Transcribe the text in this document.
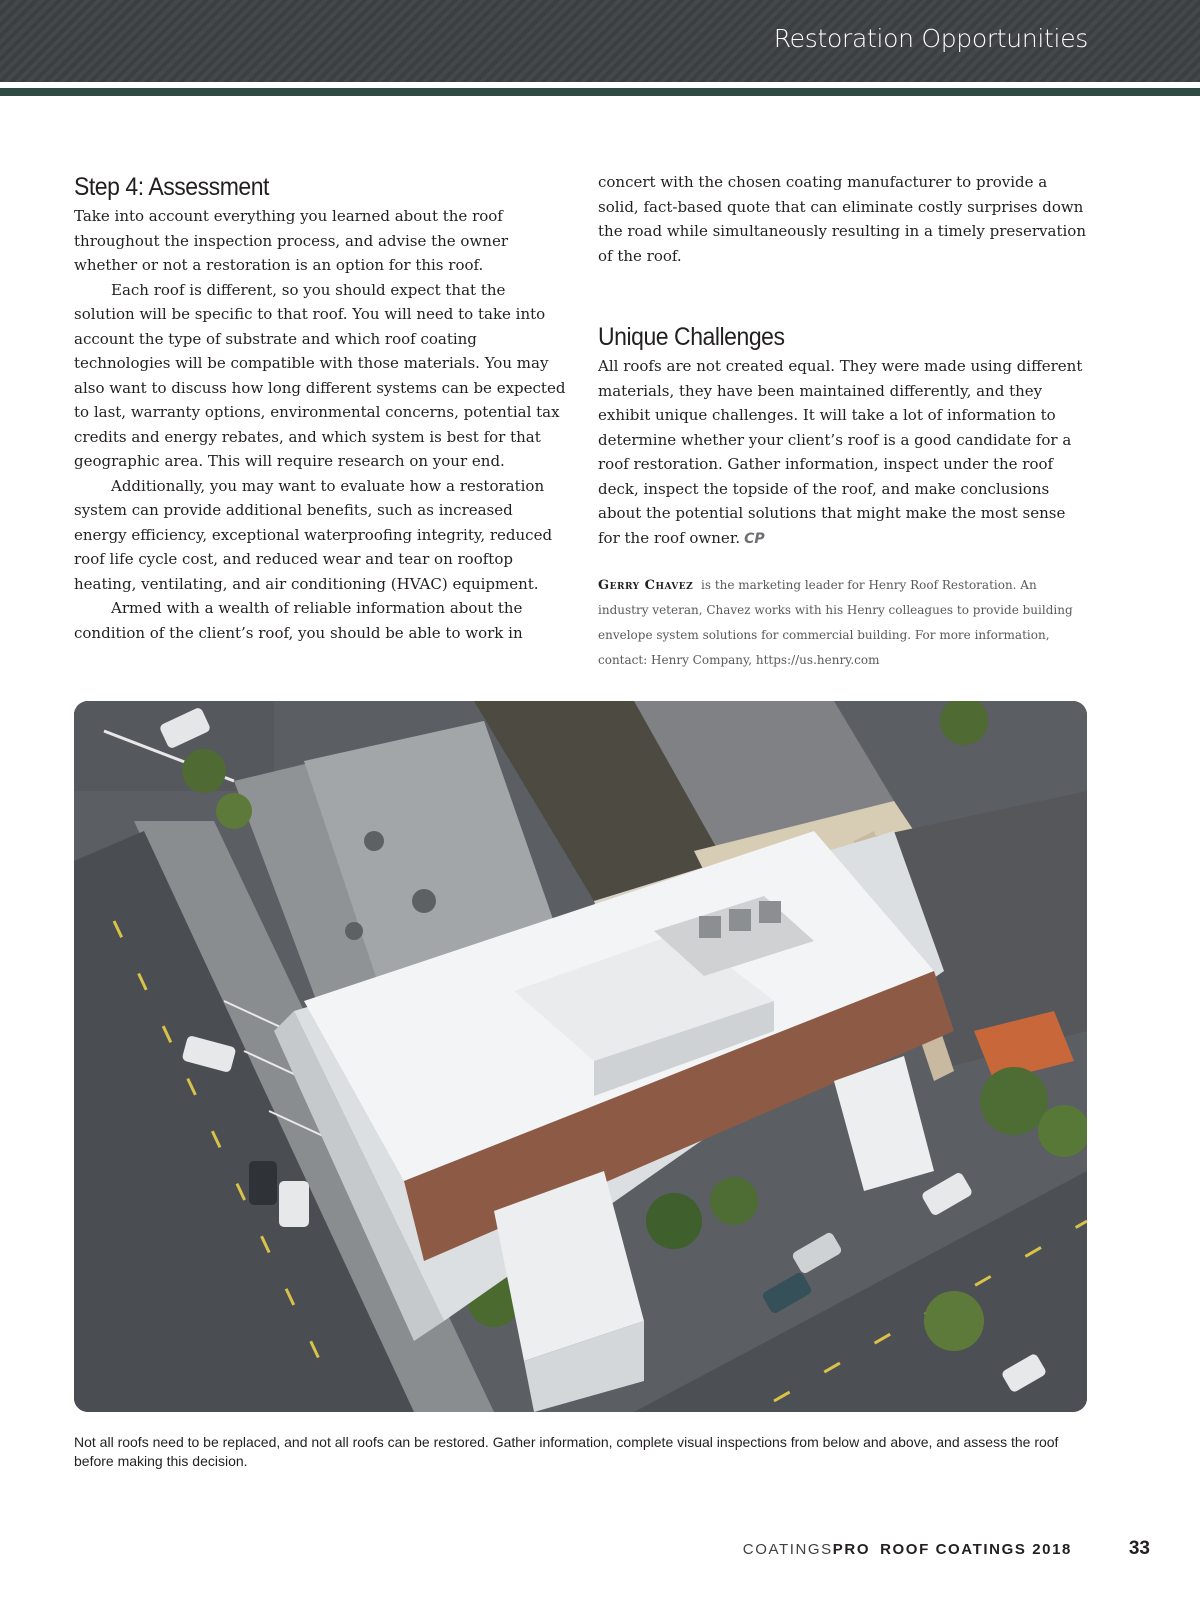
Restoration Opportunities
Step 4: Assessment

Take into account everything you learned about the roof throughout the inspection process, and advise the owner whether or not a restoration is an option for this roof.

Each roof is different, so you should expect that the solution will be specific to that roof. You will need to take into account the type of substrate and which roof coating technologies will be compatible with those materials. You may also want to discuss how long different systems can be expected to last, warranty options, environmental concerns, potential tax credits and energy rebates, and which system is best for that geographic area. This will require research on your end.

Additionally, you may want to evaluate how a restoration system can provide additional benefits, such as increased energy efficiency, exceptional waterproofing integrity, reduced roof life cycle cost, and reduced wear and tear on rooftop heating, ventilating, and air conditioning (HVAC) equipment.

Armed with a wealth of reliable information about the condition of the client’s roof, you should be able to work in

concert with the chosen coating manufacturer to provide a solid, fact-based quote that can eliminate costly surprises down the road while simultaneously resulting in a timely preservation of the roof.

Unique Challenges

All roofs are not created equal. They were made using different materials, they have been maintained differently, and they exhibit unique challenges. It will take a lot of information to determine whether your client’s roof is a good candidate for a roof restoration. Gather information, inspect under the roof deck, inspect the topside of the roof, and make conclusions about the potential solutions that might make the most sense for the roof owner. CP

Gerry Chavez is the marketing leader for Henry Roof Restoration. An industry veteran, Chavez works with his Henry colleagues to provide building envelope system solutions for commercial building. For more information, contact: Henry Company, https://us.henry.com
Not all roofs need to be replaced, and not all roofs can be restored. Gather information, complete visual inspections from below and above, and assess the roof before making this decision.
COATINGSPRO ROOF COATINGS 2018	33
